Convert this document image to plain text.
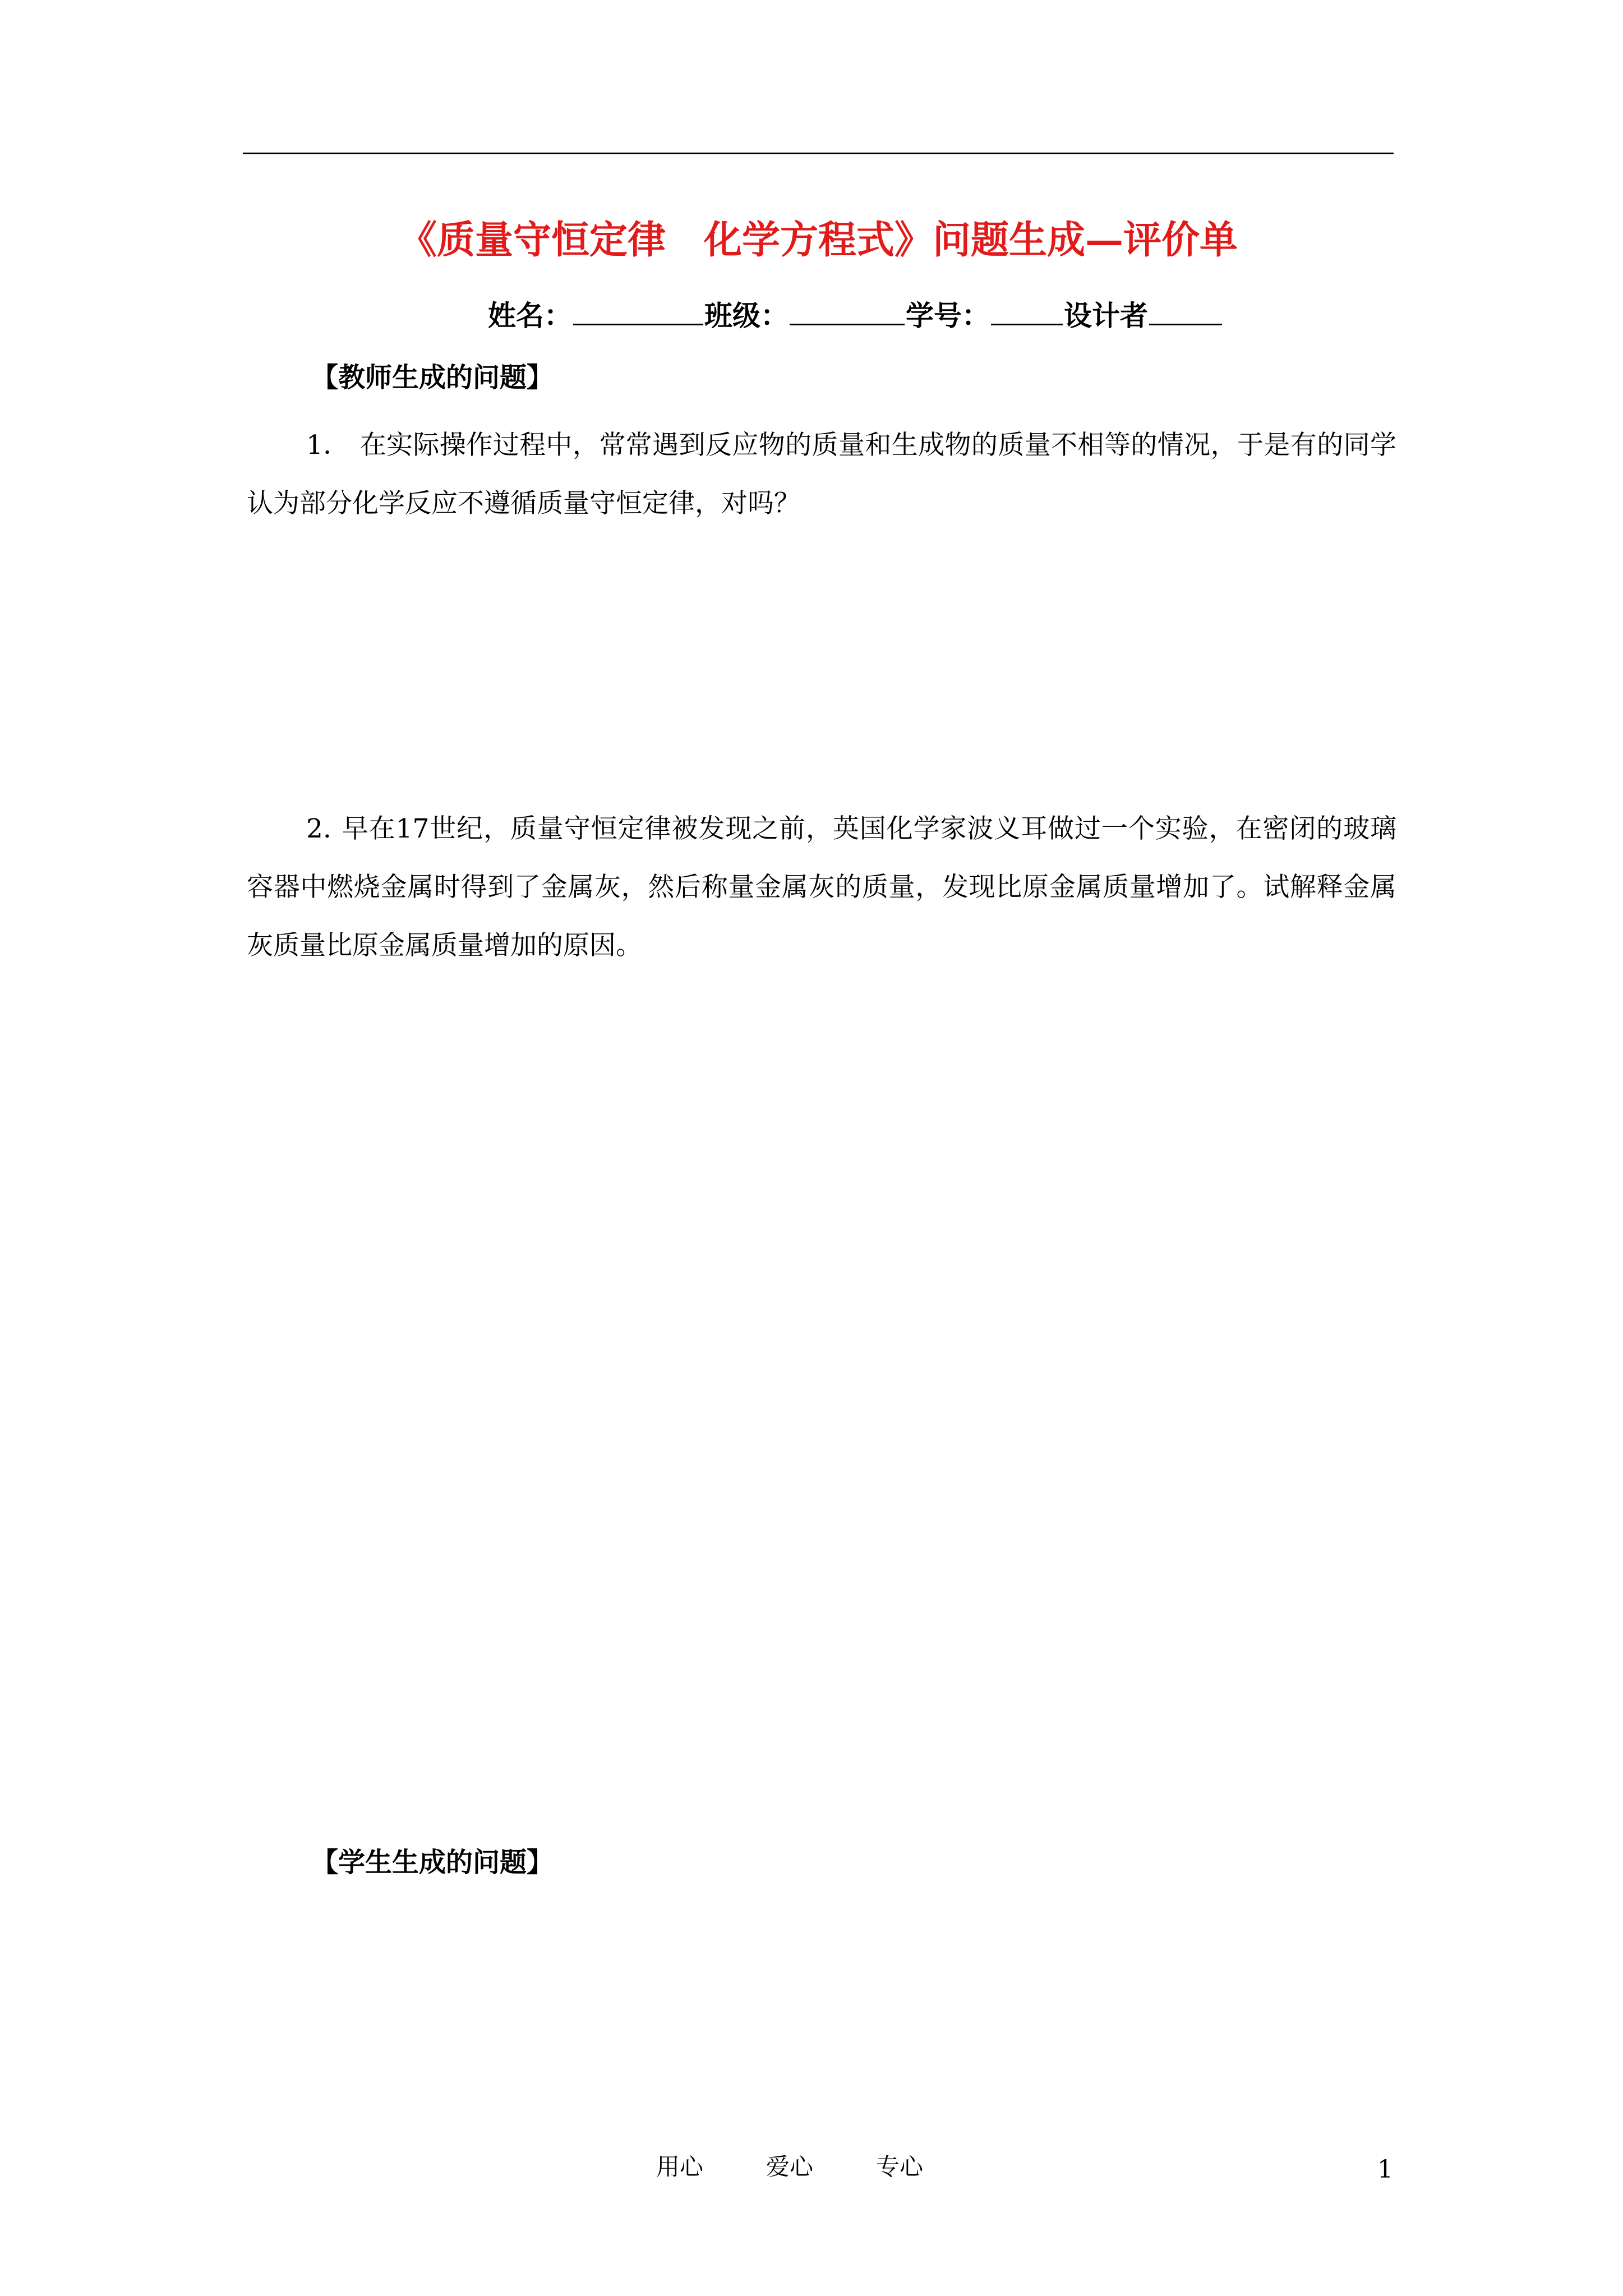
《质量守恒定律　化学方程式》问题生成—评价单
姓名：	班级：	学号：	设计者
【教师生成的问题】

1． 在实际操作过程中，常常遇到反应物的质量和生成物的质量不相等的情况，于是有的同学认为部分化学反应不遵循质量守恒定律，对吗？

2. 早在17世纪，质量守恒定律被发现之前，英国化学家波义耳做过一个实验，在密闭的玻璃容器中燃烧金属时得到了金属灰，然后称量金属灰的质量，发现比原金属质量增加了。试解释金属灰质量比原金属质量增加的原因。

【学生生成的问题】
用心	爱心	专心	1
